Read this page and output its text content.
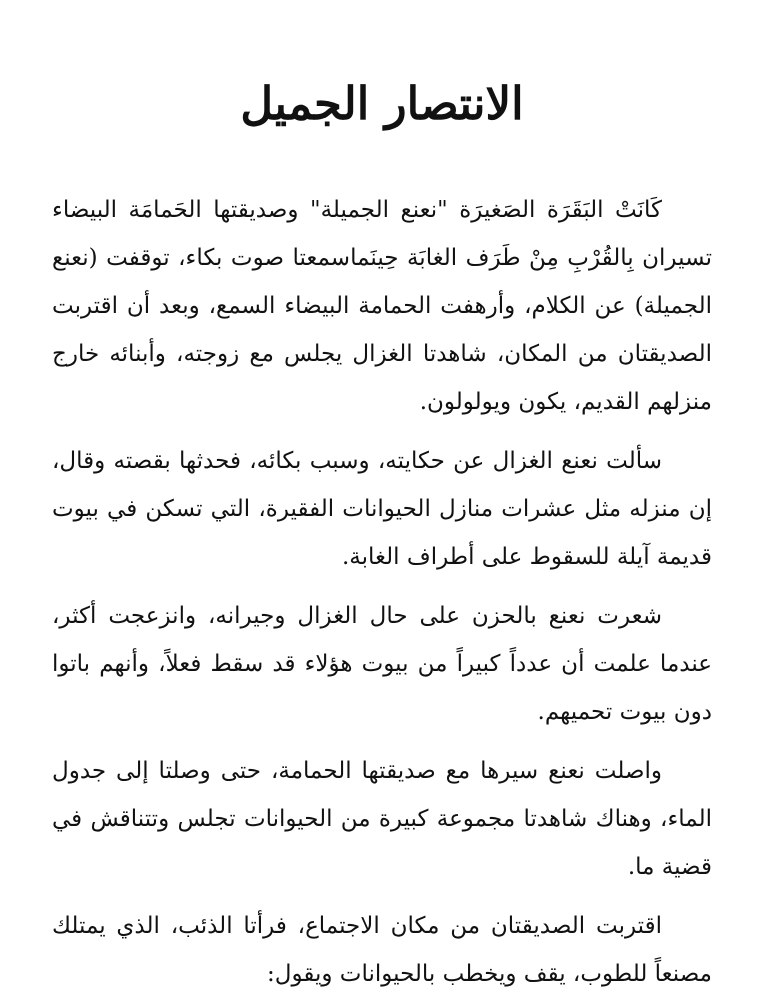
الانتصار الجميل

كَانَتْ البَقَرَة الصَغيرَة "نعنع الجميلة" وصديقتها الحَمامَة البيضاء تسيران بِالقُرْبِ مِنْ طَرَف الغابَة حِينَماسمعتا صوت بكاء، توقفت (نعنع الجميلة) عن الكلام، وأرهفت الحمامة البيضاء السمع، وبعد أن اقتربت الصديقتان من المكان، شاهدتا الغزال يجلس مع زوجته، وأبنائه خارج منزلهم القديم، يكون ويولولون.

سألت نعنع الغزال عن حكايته، وسبب بكائه، فحدثها بقصته وقال، إن منزله مثل عشرات منازل الحيوانات الفقيرة، التي تسكن في بيوت قديمة آيلة للسقوط على أطراف الغابة.

شعرت نعنع بالحزن على حال الغزال وجيرانه، وانزعجت أكثر، عندما علمت أن عدداً كبيراً من بيوت هؤلاء قد سقط فعلاً، وأنهم باتوا دون بيوت تحميهم.

واصلت نعنع سيرها مع صديقتها الحمامة، حتى وصلتا إلى جدول الماء، وهناك شاهدتا مجموعة كبيرة من الحيوانات تجلس وتتناقش في قضية ما.

اقتربت الصديقتان من مكان الاجتماع، فرأتا الذئب، الذي يمتلك مصنعاً للطوب، يقف ويخطب بالحيوانات ويقول:
